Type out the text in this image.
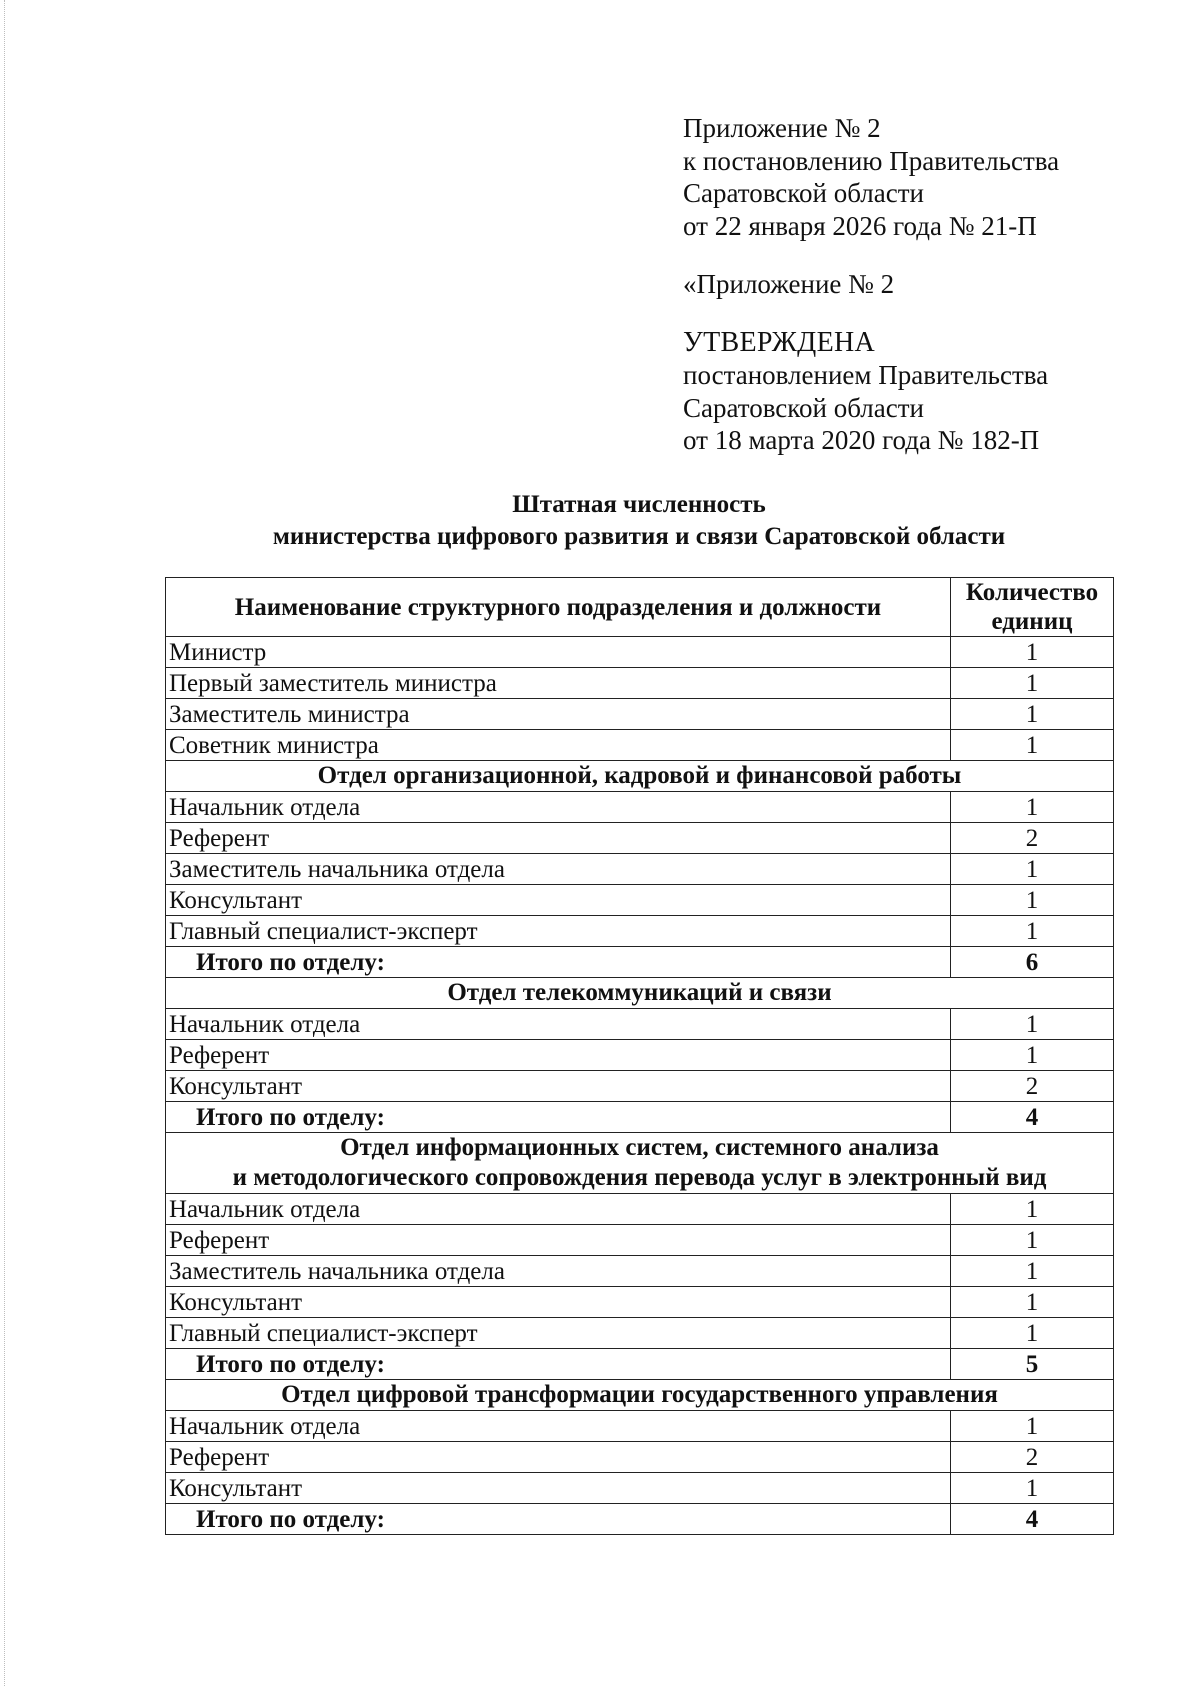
Приложение № 2
к постановлению Правительства
Саратовской области
от 22 января 2026 года № 21-П
«Приложение № 2
УТВЕРЖДЕНА
постановлением Правительства
Саратовской области
от 18 марта 2020 года № 182-П
Штатная численность
министерства цифрового развития и связи Саратовской области
Наименование структурного подразделения и должности	Количество единиц
Министр	1
Первый заместитель министра	1
Заместитель министра	1
Советник министра	1
Отдел организационной, кадровой и финансовой работы	
Начальник отдела	1
Референт	2
Заместитель начальника отдела	1
Консультант	1
Главный специалист-эксперт	1
Итого по отделу:	6
Отдел телекоммуникаций и связи	
Начальник отдела	1
Референт	1
Консультант	2
Итого по отделу:	4

Отдел информационных систем, системного анализа
и методологического сопровождения перевода услуг в электронный вид	

Начальник отдела	1
Референт	1
Заместитель начальника отдела	1
Консультант	1
Главный специалист-эксперт	1
Итого по отделу:	5
Отдел цифровой трансформации государственного управления	
Начальник отдела	1
Референт	2
Консультант	1
Итого по отделу:	4
